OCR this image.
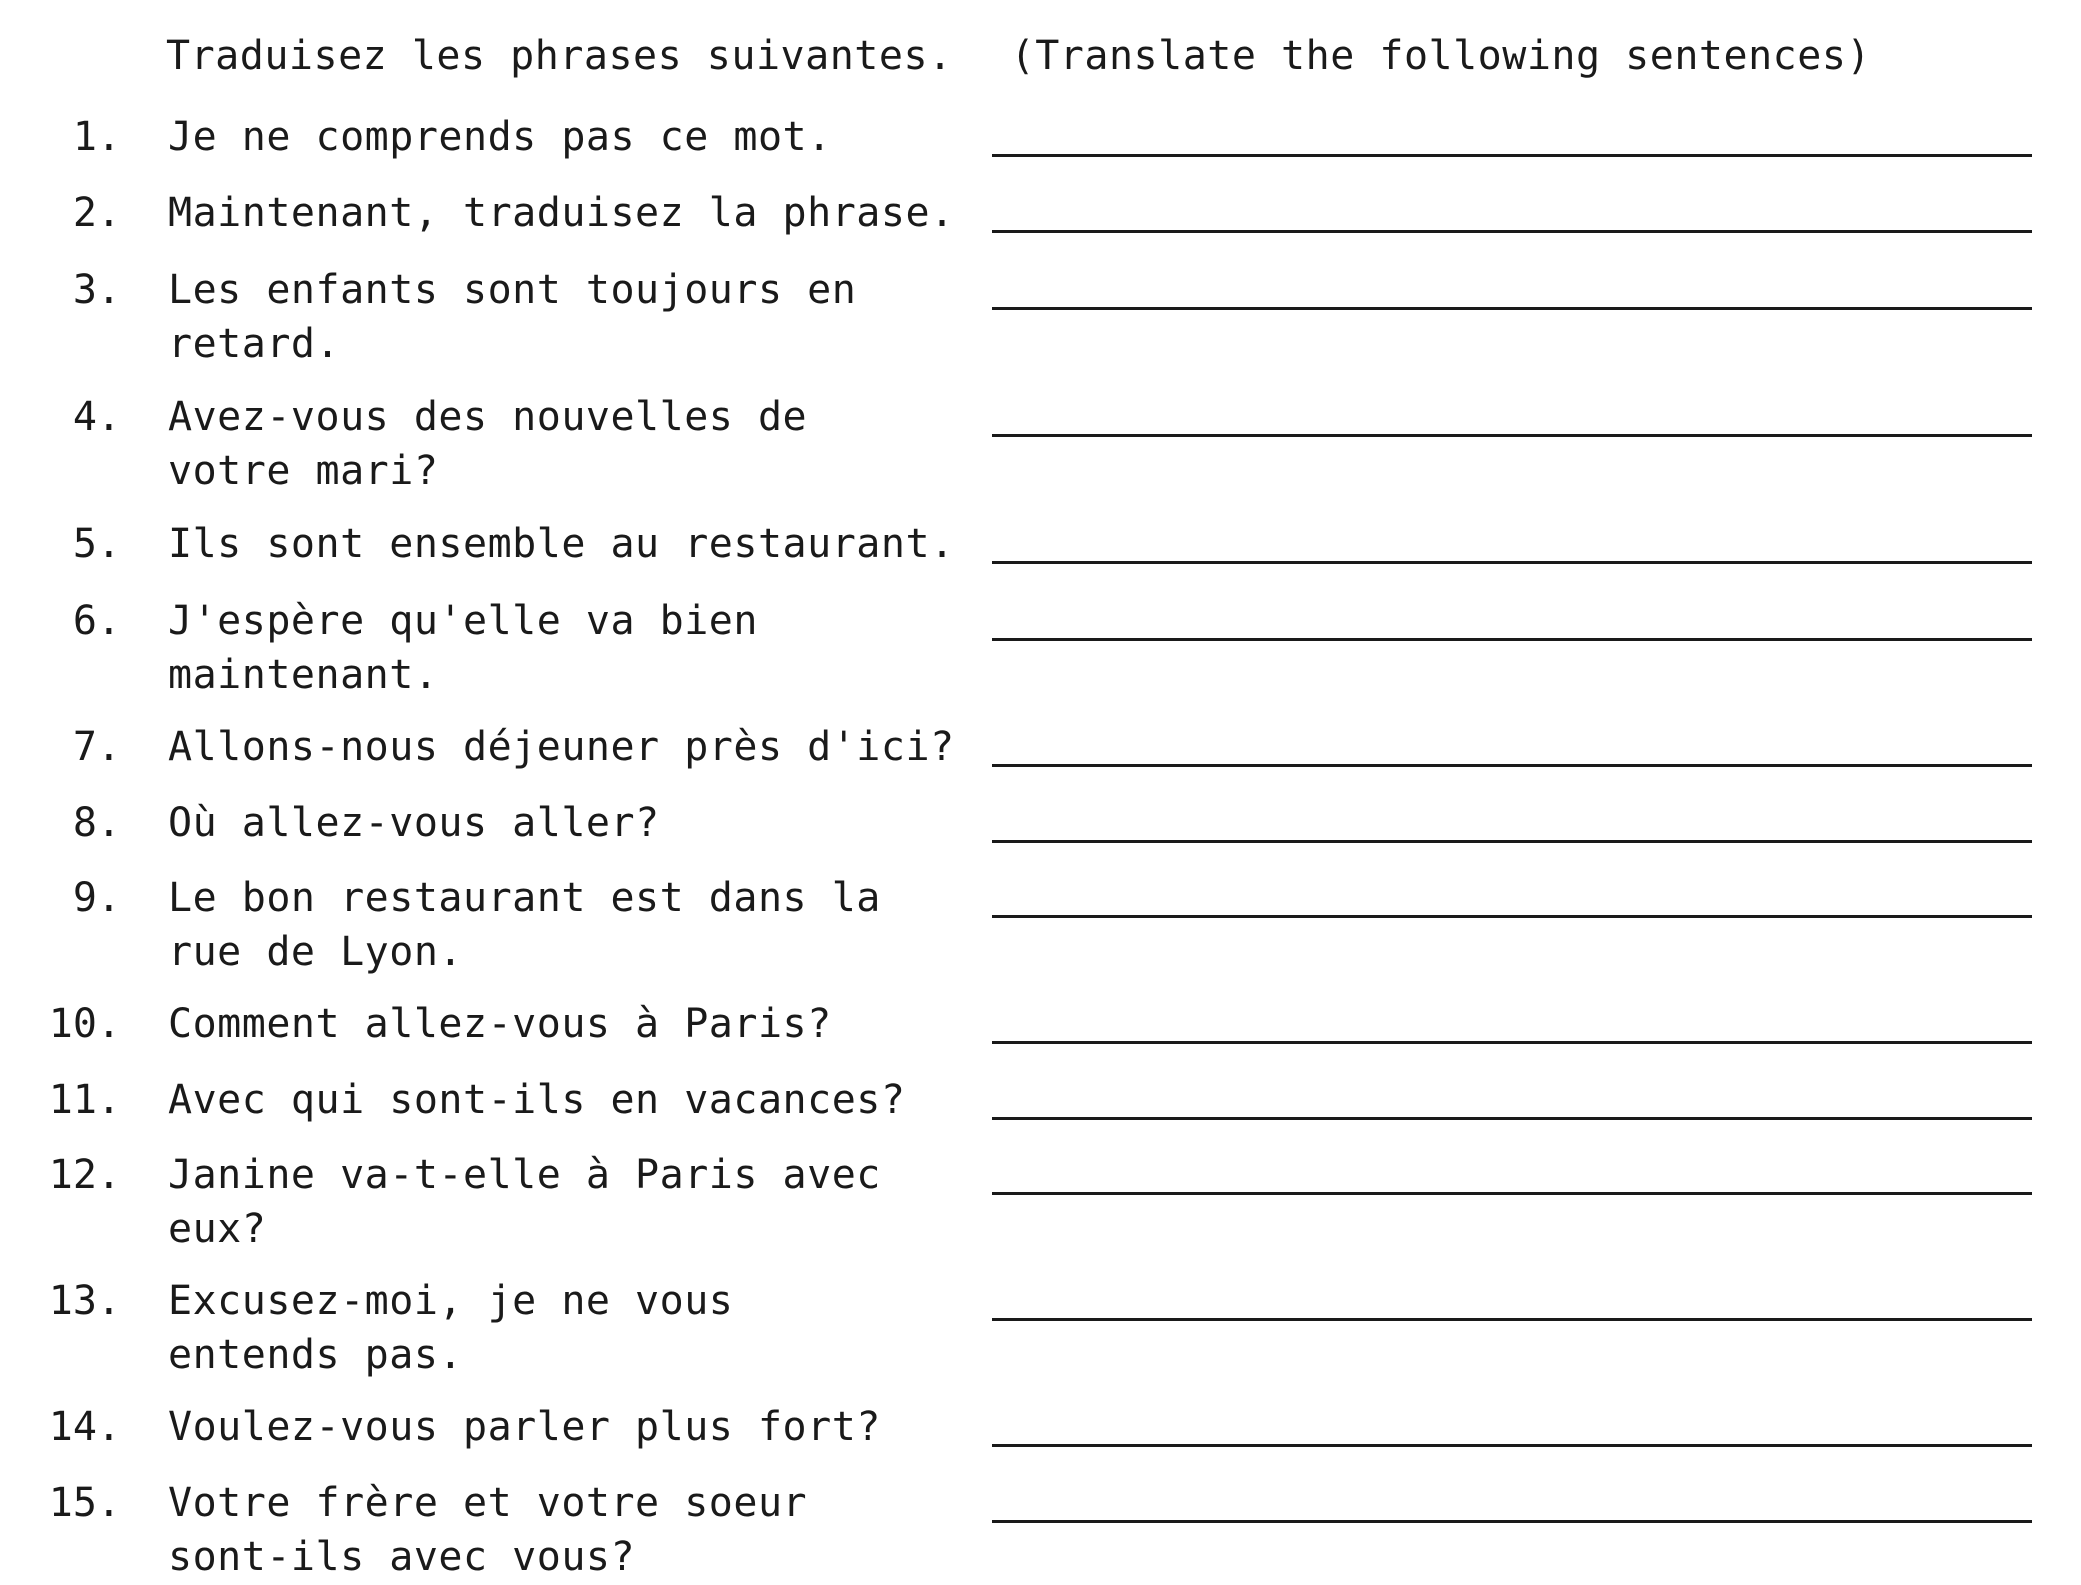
Traduisez les phrases suivantes. (Translate the following sentences)
1. Je ne comprends pas ce mot.
2. Maintenant, traduisez la phrase.
3. Les enfants sont toujours en retard.
4. Avez-vous des nouvelles de votre mari?
5. Ils sont ensemble au restaurant.
6. J'espère qu'elle va bien maintenant.
7. Allons-nous déjeuner près d'ici?
8. Où allez-vous aller?
9. Le bon restaurant est dans la rue de Lyon.
10. Comment allez-vous à Paris?
11. Avec qui sont-ils en vacances?
12. Janine va-t-elle à Paris avec eux?
13. Excusez-moi, je ne vous entends pas.
14. Voulez-vous parler plus fort?
15. Votre frère et votre soeur sont-ils avec vous?
